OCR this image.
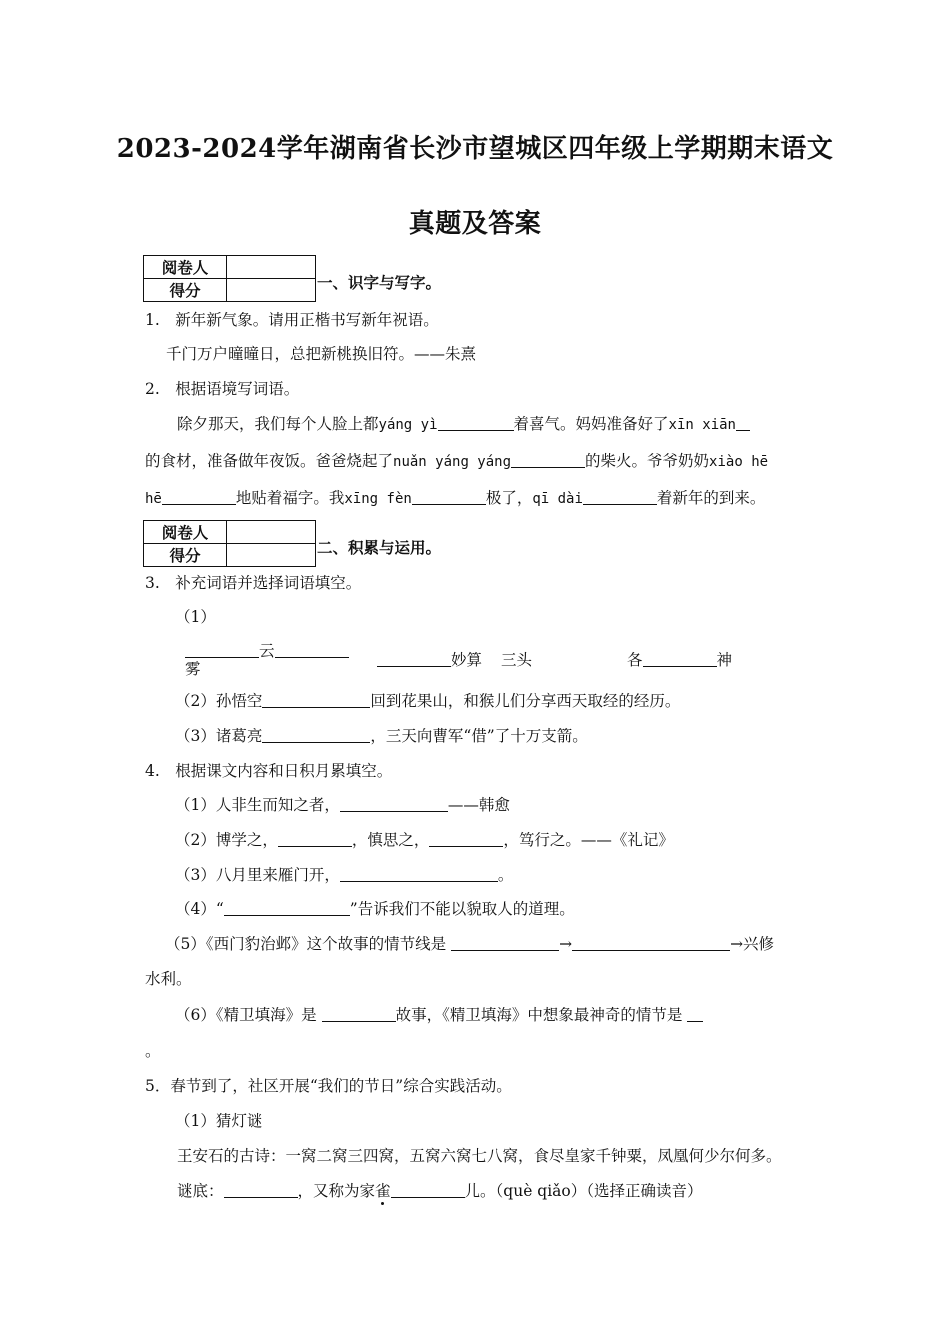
2023-2024学年湖南省长沙市望城区四年级上学期期末语文
真题及答案
阅卷人	
得分		一、识字与写字。
1.　新年新气象。请用正楷书写新年祝语。
千门万户曈曈日，总把新桃换旧符。——朱熹
2.　根据语境写词语。
除夕那天，我们每个人脸上都yáng yì	着喜气。妈妈准备好了xīn xiān
的食材，准备做年夜饭。爸爸烧起了nuǎn yáng yáng	的柴火。爷爷奶奶xiào hē
hē	地贴着福字。我xīng fèn	极了，qī dài	着新年的到来。
阅卷人	
得分		二、积累与运用。
3.　补充词语并选择词语填空。
（1）
云
雾	妙算 三头	各	神
（2）孙悟空	回到花果山，和猴儿们分享西天取经的经历。
（3）诸葛亮	，三天向曹军“借”了十万支箭。
4.　根据课文内容和日积月累填空。
（1）人非生而知之者，	——韩愈
（2）博学之，	，慎思之，	，笃行之。——《礼记》
（3）八月里来雁门开，	。
（4）“	”告诉我们不能以貌取人的道理。
（5）《西门豹治邺》这个故事的情节线是	→	→兴修
水利。
（6）《精卫填海》是	故事，《精卫填海》中想象最神奇的情节是
。
5．春节到了，社区开展“我们的节日”综合实践活动。
（1）猜灯谜
王安石的古诗：一窝二窝三四窝，五窝六窝七八窝，食尽皇家千钟粟，凤凰何少尔何多。
谜底：	，又称为家雀	儿。（què qiǎo）（选择正确读音）
